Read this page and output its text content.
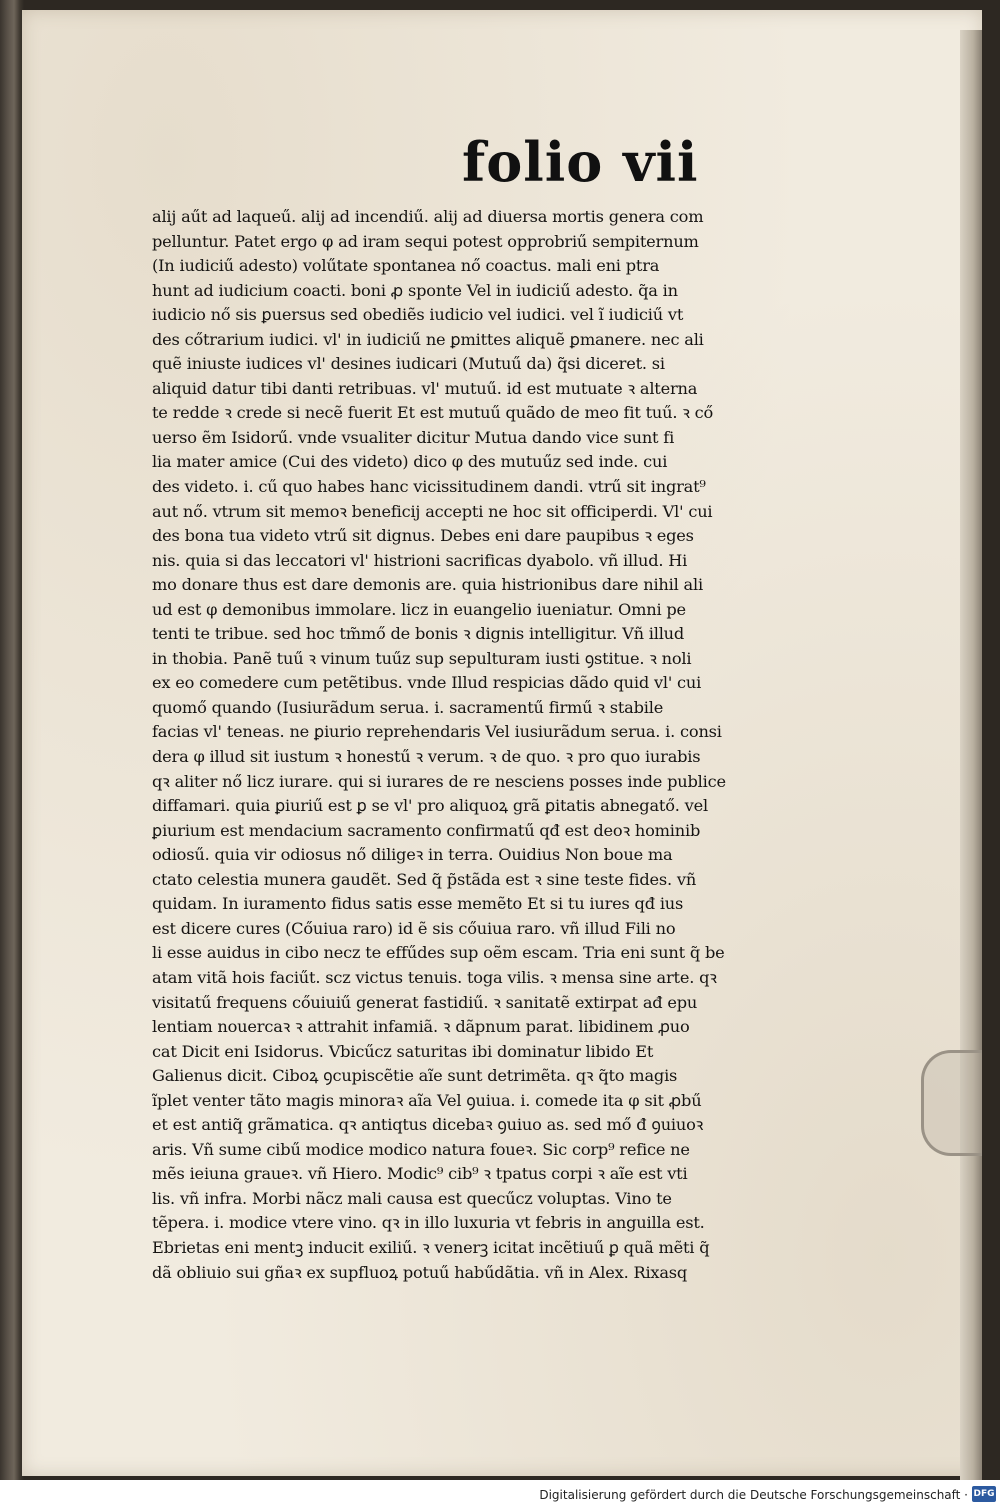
folio vii
alij aűt ad laqueű. alij ad incendiű. alij ad diuersa mortis genera com
pelluntur. Patet ergo φ ad iram sequi potest opprobriű sempiternum
(In iudiciű adesto) volűtate spontanea nő coactus. mali eni ptra
hunt ad iudicium coacti. boni ꝓ sponte Vel in iudiciű adesto. q̃a in
iudicio nő sis ꝑuersus sed obediẽs iudicio vel iudici. vel ĩ iudiciű vt
des cőtrarium iudici. vl' in iudiciű ne ꝑmittes aliquẽ ꝑmanere. nec ali
quẽ iniuste iudices vl' desines iudicari (Mutuű da) q̃si diceret. si
aliquid datur tibi danti retribuas. vl' mutuű. id est mutuate ꝛ alterna
te redde ꝛ crede si necẽ fuerit Et est mutuű quãdo de meo fit tuű. ꝛ cő
uerso ẽm Isidorű. vnde vsualiter dicitur Mutua dando vice sunt fi
lia mater amice (Cui des videto) dico φ des mutuűz sed inde. cui
des videto. i. cű quo habes hanc vicissitudinem dandi. vtrű sit ingrat⁹
aut nő. vtrum sit memoꝛ beneficij accepti ne hoc sit officiperdi. Vl' cui
des bona tua videto vtrű sit dignus. Debes eni dare paupibus ꝛ eges
nis. quia si das leccatori vl' histrioni sacrificas dyabolo. vñ illud. Hi
mo donare thus est dare demonis are. quia histrionibus dare nihil ali
ud est φ demonibus immolare. licz in euangelio iueniatur. Omni pe
tenti te tribue. sed hoc tm̃mő de bonis ꝛ dignis intelligitur. Vñ illud
in thobia. Panẽ tuű ꝛ vinum tuűz sup sepulturam iusti ꝯstitue. ꝛ noli
ex eo comedere cum petẽtibus. vnde Illud respicias dãdo quid vl' cui
quomő quando (Iusiurãdum serua. i. sacramentű firmű ꝛ stabile
facias vl' teneas. ne ꝑiurio reprehendaris Vel iusiurãdum serua. i. consi
dera φ illud sit iustum ꝛ honestű ꝛ verum. ꝛ de quo. ꝛ pro quo iurabis
qꝛ aliter nő licz iurare. qui si iurares de re nesciens posses inde publice
diffamari. quia ꝑiuriű est ꝑ se vl' pro aliquoꝝ grã ꝑitatis abnegatő. vel
ꝑiurium est mendacium sacramento confirmatű qđ est deoꝛ hominib
odiosű. quia vir odiosus nő diligeꝛ in terra. Ouidius Non boue ma
ctato celestia munera gaudẽt. Sed q̃ p̃stãda est ꝛ sine teste fides. vñ
quidam. In iuramento fidus satis esse memẽto Et si tu iures qđ ius
est dicere cures (Cőuiua raro) id ẽ sis cőuiua raro. vñ illud Fili no
li esse auidus in cibo necz te effűdes sup oẽm escam. Tria eni sunt q̃ be
atam vitã hois faciűt. scz victus tenuis. toga vilis. ꝛ mensa sine arte. qꝛ
visitatű frequens cőuiuiű generat fastidiű. ꝛ sanitatẽ extirpat ađ epu
lentiam nouercaꝛ ꝛ attrahit infamiã. ꝛ dãpnum parat. libidinem ꝓuo
cat Dicit eni Isidorus. Vbicűcz saturitas ibi dominatur libido Et
Galienus dicit. Ciboꝝ ꝯcupiscẽtie aĩe sunt detrimẽta. qꝛ q̃to magis
ĩplet venter tãto magis minoraꝛ aĩa Vel ꝯuiua. i. comede ita φ sit ꝓbű
et est antiq̃ grãmatica. qꝛ antiqtus dicebaꝛ ꝯuiuo as. sed mő đ ꝯuiuoꝛ
aris. Vñ sume cibű modice modico natura foueꝛ. Sic corp⁹ refice ne
mẽs ieiuna graueꝛ. vñ Hiero. Modic⁹ cib⁹ ꝛ tpatus corpi ꝛ aĩe est vti
lis. vñ infra. Morbi nãcz mali causa est quecűcz voluptas. Vino te
tẽpera. i. modice vtere vino. qꝛ in illo luxuria vt febris in anguilla est.
Ebrietas eni mentꝫ inducit exiliű. ꝛ venerꝫ icitat incẽtiuű ꝑ quã mẽti q̃
dã obliuio sui gñaꝛ ex supfluoꝝ potuű habűdãtia. vñ in Alex. Rixasq
Digitalisierung gefördert durch die Deutsche Forschungsgemeinschaft · DFG
